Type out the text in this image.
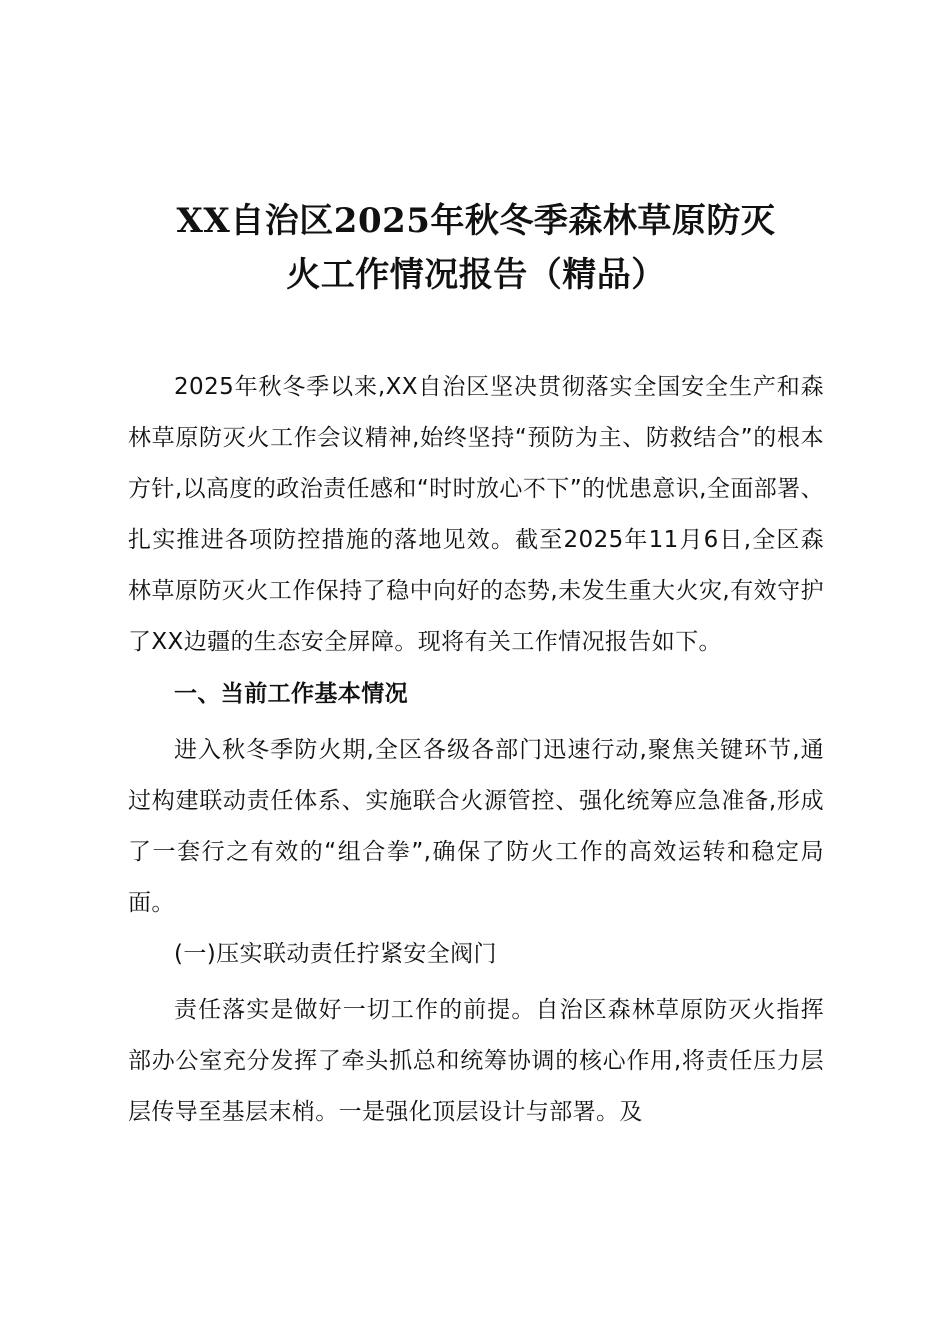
XX自治区2025年秋冬季森林草原防灭
火工作情况报告（精品）

2025年秋冬季以来,XX自治区坚决贯彻落实全国安全生产和森林草原防灭火工作会议精神,始终坚持“预防为主、防救结合”的根本方针,以高度的政治责任感和“时时放心不下”的忧患意识,全面部署、扎实推进各项防控措施的落地见效。截至2025年11月6日,全区森林草原防灭火工作保持了稳中向好的态势,未发生重大火灾,有效守护了XX边疆的生态安全屏障。现将有关工作情况报告如下。

一、当前工作基本情况

进入秋冬季防火期,全区各级各部门迅速行动,聚焦关键环节,通过构建联动责任体系、实施联合火源管控、强化统筹应急准备,形成了一套行之有效的“组合拳”,确保了防火工作的高效运转和稳定局面。

(一)压实联动责任拧紧安全阀门

责任落实是做好一切工作的前提。自治区森林草原防灭火指挥部办公室充分发挥了牵头抓总和统筹协调的核心作用,将责任压力层层传导至基层末梢。一是强化顶层设计与部署。及
